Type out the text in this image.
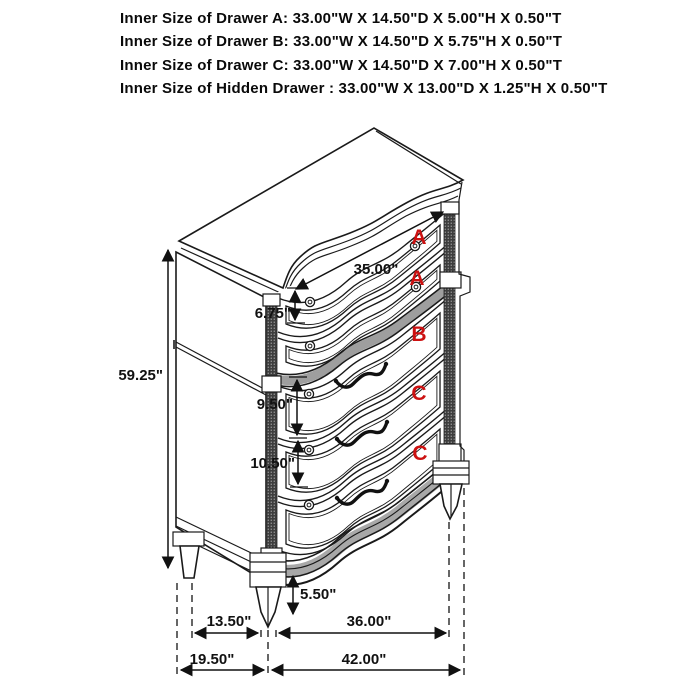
Inner Size of Drawer A: 33.00"W X 14.50"D X 5.00"H X 0.50"T
Inner Size of Drawer B: 33.00"W X 14.50"D X 5.75"H X 0.50"T
Inner Size of Drawer C: 33.00"W X 14.50"D X 7.00"H X 0.50"T
Inner Size of Hidden Drawer : 33.00"W X 13.00"D X 1.25"H X 0.50"T
59.25"
35.00"
6.75"
9.50"
10.50"
5.50"
13.50"	36.00"
19.50"	42.00"
A
A
B
C
C
